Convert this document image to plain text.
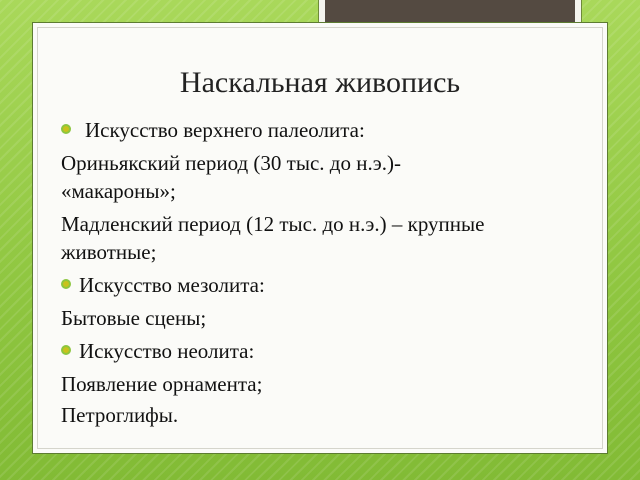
Наскальная живопись
Искусство верхнего палеолита:
Ориньякский период (30 тыс. до н.э.)-
«макароны»;
Мадленский период (12 тыс. до н.э.) – крупные
животные;
Искусство мезолита:
Бытовые сцены;
Искусство неолита:
Появление орнамента;
Петроглифы.
